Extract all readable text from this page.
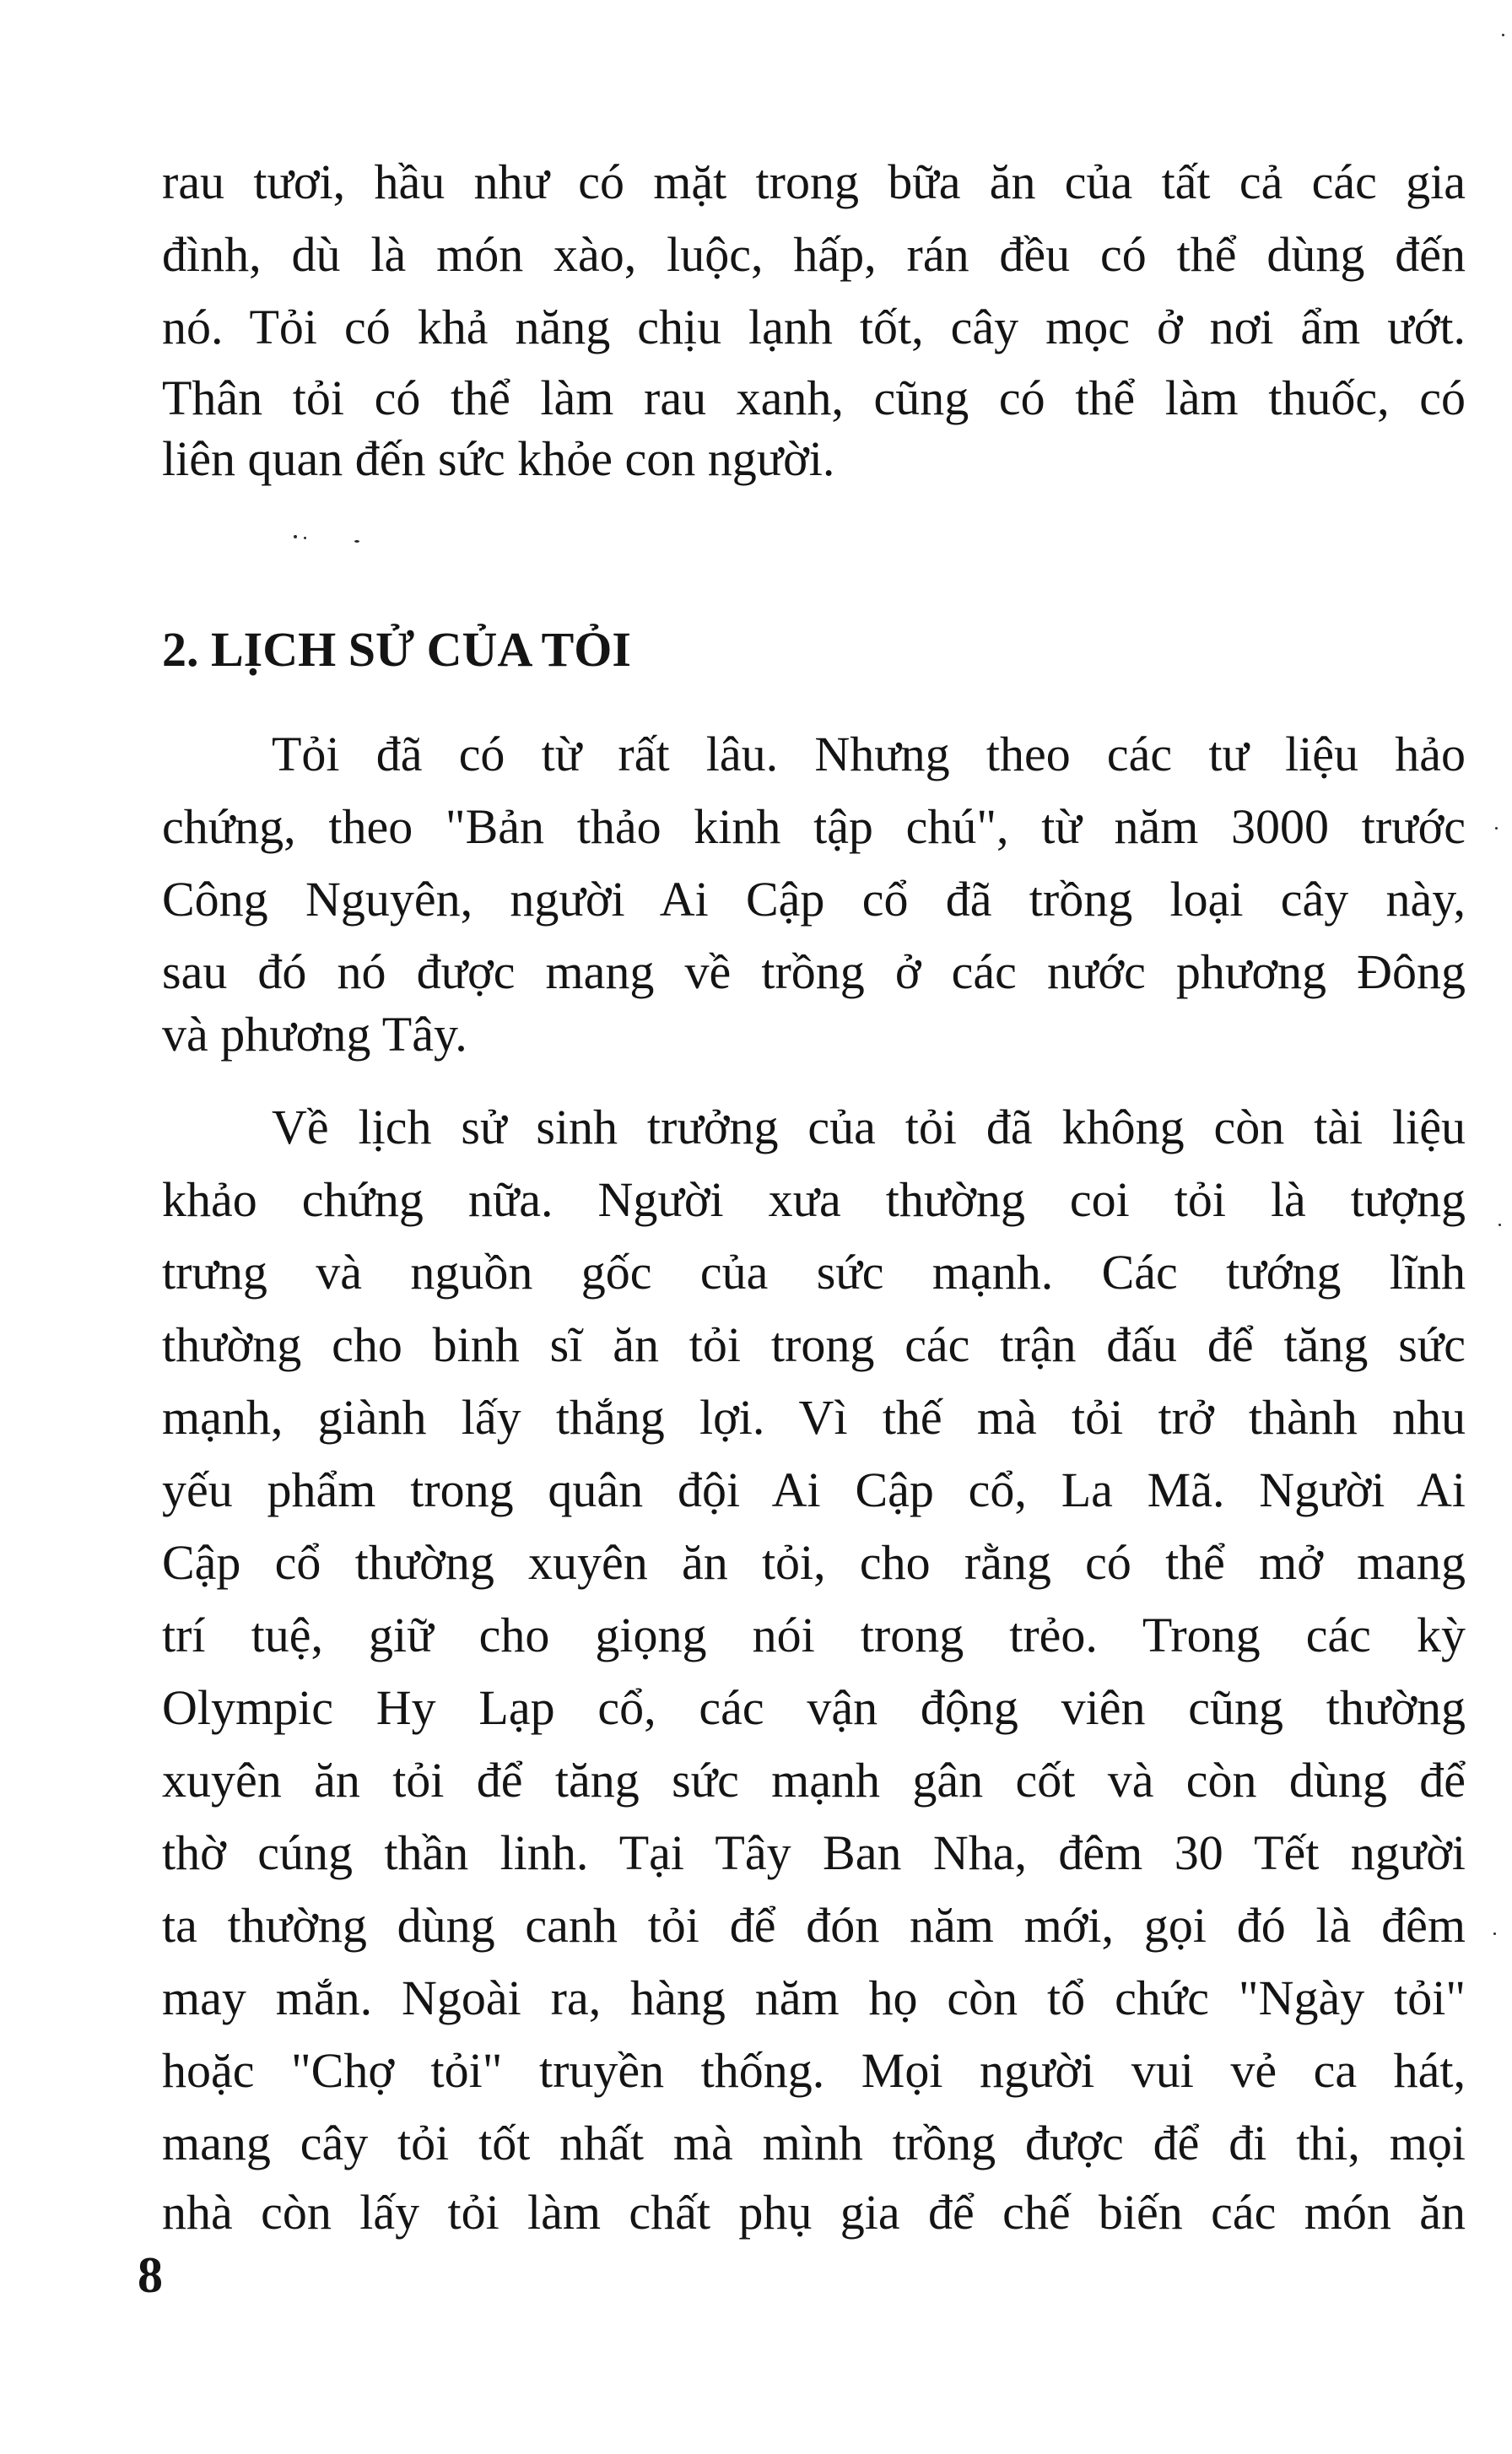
rau tươi, hầu như có mặt trong bữa ăn của tất cả các gia

đình, dù là món xào, luộc, hấp, rán đều có thể dùng đến

nó. Tỏi có khả năng chịu lạnh tốt, cây mọc ở nơi ẩm ướt.

Thân tỏi có thể làm rau xanh, cũng có thể làm thuốc, có

liên quan đến sức khỏe con người.

2. LỊCH SỬ CỦA TỎI

Tỏi đã có từ rất lâu. Nhưng theo các tư liệu hảo

chứng, theo "Bản thảo kinh tập chú", từ năm 3000 trước

Công Nguyên, người Ai Cập cổ đã trồng loại cây này,

sau đó nó được mang về trồng ở các nước phương Đông

và phương Tây.

Về lịch sử sinh trưởng của tỏi đã không còn tài liệu

khảo chứng nữa. Người xưa thường coi tỏi là tượng

trưng và nguồn gốc của sức mạnh. Các tướng lĩnh

thường cho binh sĩ ăn tỏi trong các trận đấu để tăng sức

mạnh, giành lấy thắng lợi. Vì thế mà tỏi trở thành nhu

yếu phẩm trong quân đội Ai Cập cổ, La Mã. Người Ai

Cập cổ thường xuyên ăn tỏi, cho rằng có thể mở mang

trí tuệ, giữ cho giọng nói trong trẻo. Trong các kỳ

Olympic Hy Lạp cổ, các vận động viên cũng thường

xuyên ăn tỏi để tăng sức mạnh gân cốt và còn dùng để

thờ cúng thần linh. Tại Tây Ban Nha, đêm 30 Tết người

ta thường dùng canh tỏi để đón năm mới, gọi đó là đêm

may mắn. Ngoài ra, hàng năm họ còn tổ chức "Ngày tỏi"

hoặc "Chợ tỏi" truyền thống. Mọi người vui vẻ ca hát,

mang cây tỏi tốt nhất mà mình trồng được để đi thi, mọi

nhà còn lấy tỏi làm chất phụ gia để chế biến các món ăn

8
